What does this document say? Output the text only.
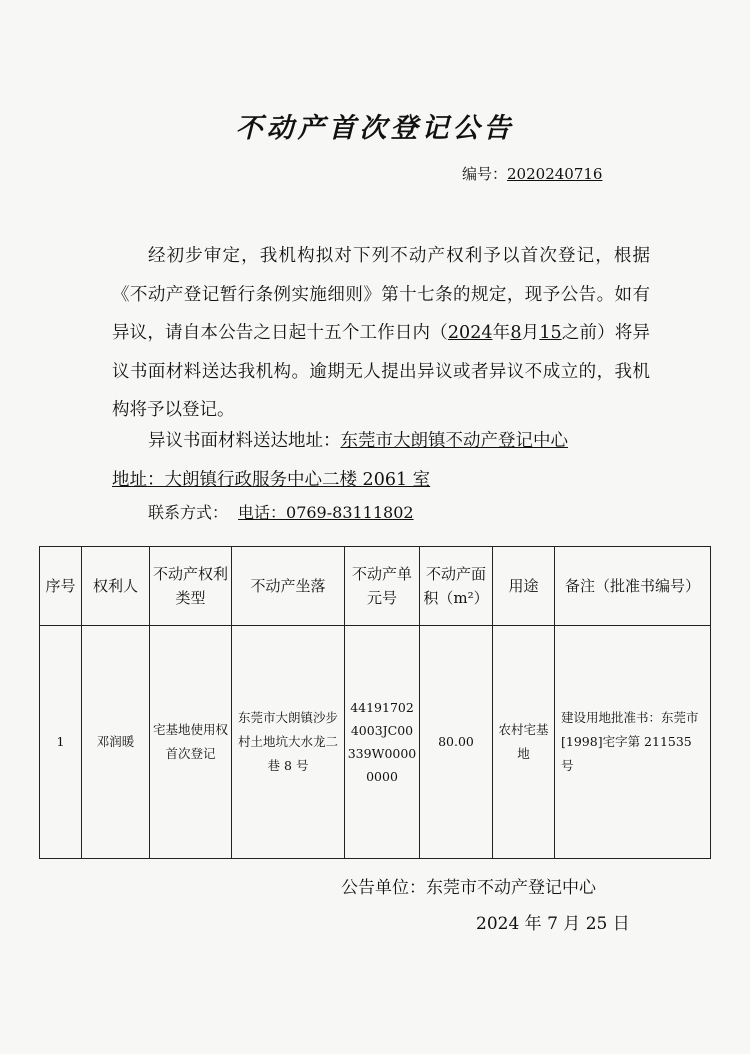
不动产首次登记公告
编号：2020240716

经初步审定，我机构拟对下列不动产权利予以首次登记，根据《不动产登记暂行条例实施细则》第十七条的规定，现予公告。如有异议，请自本公告之日起十五个工作日内（2024年8月15之前）将异议书面材料送达我机构。逾期无人提出异议或者异议不成立的，我机构将予以登记。

异议书面材料送达地址：东莞市大朗镇不动产登记中心
地址：大朗镇行政服务中心二楼 2061 室
联系方式： 电话：0769-83111802
序号	权利人	不动产权利类型	不动产坐落	不动产单元号	不动产面积（m²）	用途	备注（批准书编号）
1	邓润暖	宅基地使用权首次登记	东莞市大朗镇沙步村土地坑大水龙二巷 8 号	441917024003JC00339W00000000	80.00	农村宅基地	建设用地批准书：东莞市[1998]宅字第 211535 号
公告单位：东莞市不动产登记中心
2024 年 7 月 25 日
